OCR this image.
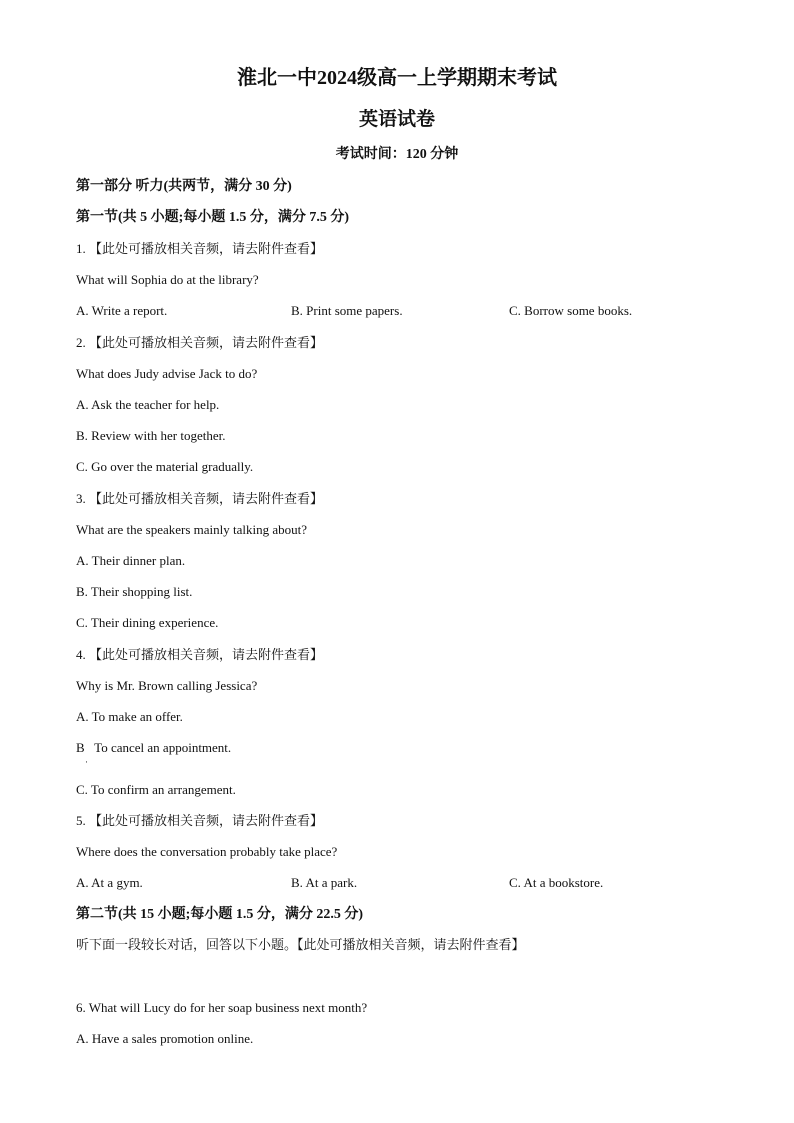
淮北一中2024级高一上学期期末考试
英语试卷
考试时间：120 分钟
第一部分 听力(共两节，满分 30 分)
第一节(共 5 小题;每小题 1.5 分，满分 7.5 分)
1. 【此处可播放相关音频，请去附件查看】
What will Sophia do at the library?
A. Write a report.	B. Print some papers.	C. Borrow some books.
2. 【此处可播放相关音频，请去附件查看】
What does Judy advise Jack to do?
A. Ask the teacher for help.
B. Review with her together.
C. Go over the material gradually.
3. 【此处可播放相关音频，请去附件查看】
What are the speakers mainly talking about?
A. Their dinner plan.
B. Their shopping list.
C. Their dining experience.
4. 【此处可播放相关音频，请去附件查看】
Why is Mr. Brown calling Jessica?
A. To make an offer.
B   To cancel an appointment.
·
C. To confirm an arrangement.
5. 【此处可播放相关音频，请去附件查看】
Where does the conversation probably take place?
A. At a gym.	B. At a park.	C. At a bookstore.
第二节(共 15 小题;每小题 1.5 分，满分 22.5 分)
听下面一段较长对话，回答以下小题。【此处可播放相关音频，请去附件查看】
6. What will Lucy do for her soap business next month?
A. Have a sales promotion online.
